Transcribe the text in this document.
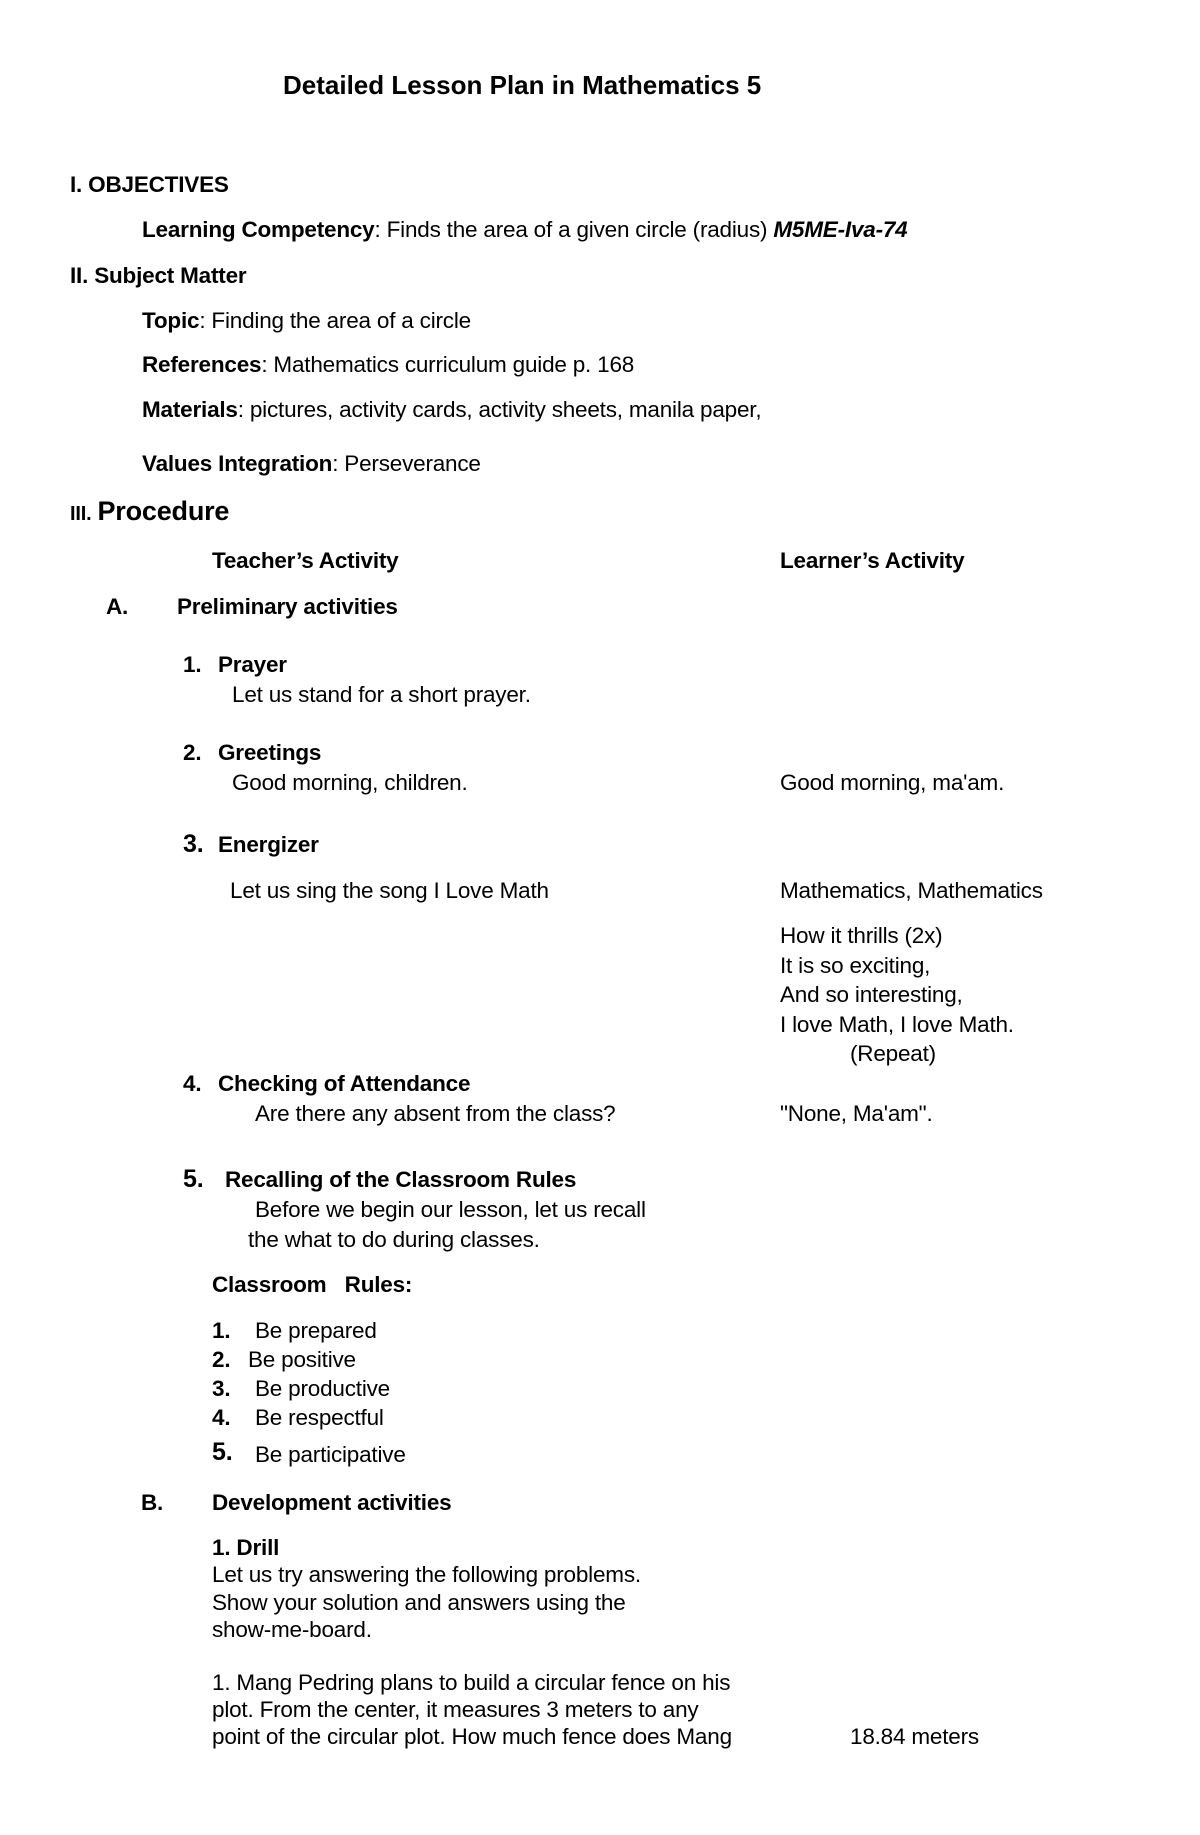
Detailed Lesson Plan in Mathematics 5
I. OBJECTIVES
Learning Competency: Finds the area of a given circle (radius) M5ME-Iva-74
II. Subject Matter
Topic: Finding the area of a circle
References: Mathematics curriculum guide p. 168
Materials: pictures, activity cards, activity sheets, manila paper,
Values Integration: Perseverance
III. Procedure
Teacher’s Activity	Learner’s Activity
A. Preliminary activities
1. Prayer
Let us stand for a short prayer.
2. Greetings
Good morning, children.	Good morning, ma'am.
3. Energizer
Let us sing the song I Love Math	Mathematics, Mathematics
How it thrills (2x)
It is so exciting,
And so interesting,
I love Math, I love Math.
(Repeat)
4. Checking of Attendance
Are there any absent from the class?	"None, Ma'am".
5. Recalling of the Classroom Rules
Before we begin our lesson, let us recall
the what to do during classes.
Classroom   Rules:
1. Be prepared
2. Be positive
3. Be productive
4. Be respectful
5. Be participative
B. Development activities
1. Drill
Let us try answering the following problems.
Show your solution and answers using the
show-me-board.
1. Mang Pedring plans to build a circular fence on his
plot. From the center, it measures 3 meters to any
point of the circular plot. How much fence does Mang	18.84 meters
